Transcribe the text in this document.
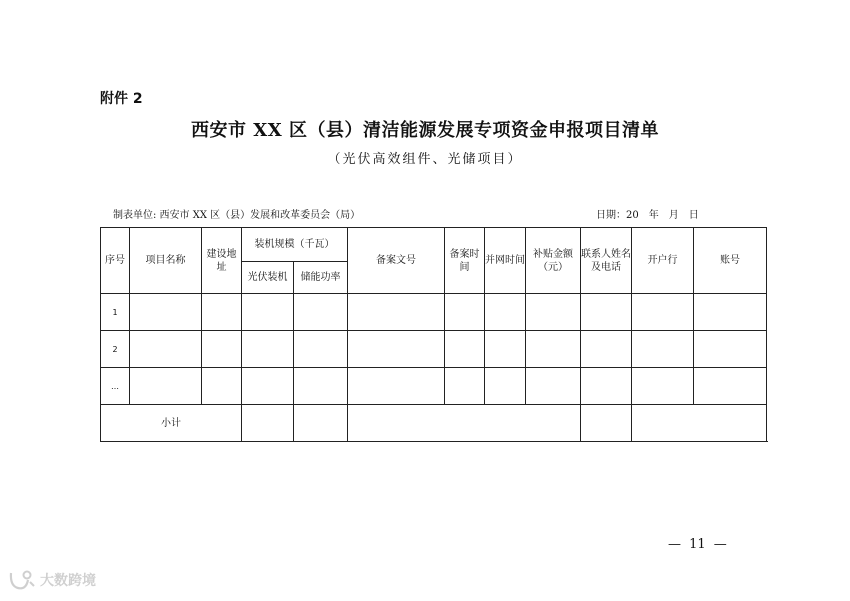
附件 2
西安市 XX 区（县）清洁能源发展专项资金申报项目清单
（光伏高效组件、光储项目）
制表单位: 西安市 XX 区（县）发展和改革委员会（局）	日期：20　年　月　日
序号	项目名称	建设地址	装机规模（千瓦）		备案文号	备案时间	并网时间	补贴金额（元）	联系人姓名及电话	开户行	账号
			光伏装机	储能功率							
1											
2											
…											
小计											
— 11 —
大数跨境
